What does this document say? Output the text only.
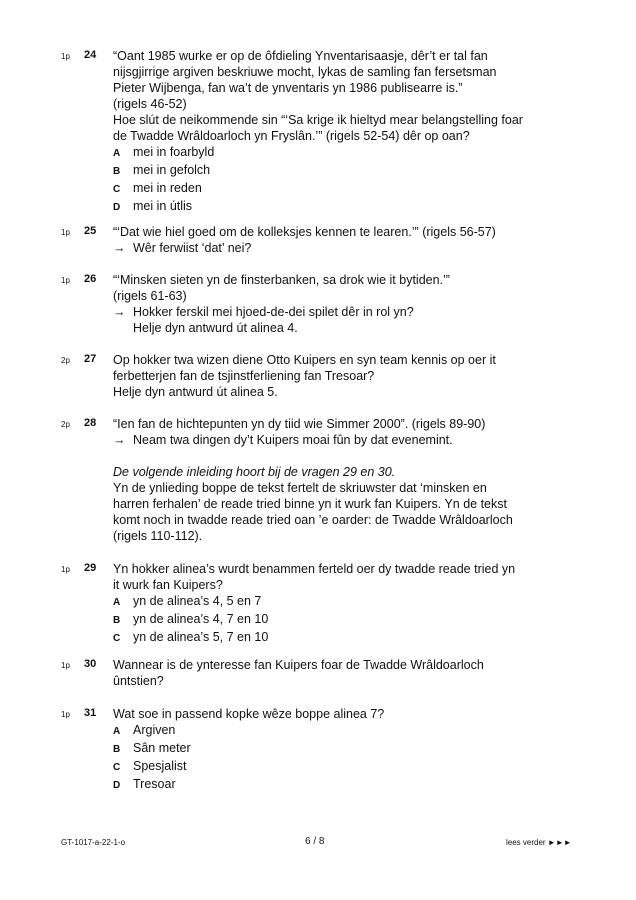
1p 24 “Oant 1985 wurke er op de ôfdieling Ynventarisaasje, dêr’t er tal fan
nijsgjirrige argiven beskriuwe mocht, lykas de samling fan fersetsman
Pieter Wijbenga, fan wa’t de ynventaris yn 1986 publisearre is.”
(rigels 46-52)
Hoe slút de neikommende sin “‘Sa krige ik hieltyd mear belangstelling foar
de Twadde Wrâldoarloch yn Fryslân.’” (rigels 52-54) dêr op oan?
A mei in foarbyld
B mei in gefolch
C mei in reden
D mei in útlis
1p 25 “‘Dat wie hiel goed om de kolleksjes kennen te learen.’” (rigels 56-57)
→ Wêr ferwiist ‘dat’ nei?
1p 26 “‘Minsken sieten yn de finsterbanken, sa drok wie it bytiden.’”
(rigels 61-63)
→ Hokker ferskil mei hjoed-de-dei spilet dêr in rol yn?
Helje dyn antwurd út alinea 4.
2p 27 Op hokker twa wizen diene Otto Kuipers en syn team kennis op oer it
ferbetterjen fan de tsjinstferliening fan Tresoar?
Helje dyn antwurd út alinea 5.
2p 28 “Ien fan de hichtepunten yn dy tiid wie Simmer 2000”. (rigels 89-90)
→ Neam twa dingen dy’t Kuipers moai fûn by dat evenemint.
De volgende inleiding hoort bij de vragen 29 en 30.
Yn de ynlieding boppe de tekst fertelt de skriuwster dat ‘minsken en
harren ferhalen’ de reade tried binne yn it wurk fan Kuipers. Yn de tekst
komt noch in twadde reade tried oan ’e oarder: de Twadde Wrâldoarloch
(rigels 110-112).
1p 29 Yn hokker alinea’s wurdt benammen ferteld oer dy twadde reade tried yn
it wurk fan Kuipers?
A yn de alinea’s 4, 5 en 7
B yn de alinea’s 4, 7 en 10
C yn de alinea’s 5, 7 en 10
1p 30 Wannear is de ynteresse fan Kuipers foar de Twadde Wrâldoarloch
ûntstien?
1p 31 Wat soe in passend kopke wêze boppe alinea 7?
A Argiven
B Sân meter
C Spesjalist
D Tresoar
GT-1017-a-22-1-o	6 / 8	lees verder ►►►
